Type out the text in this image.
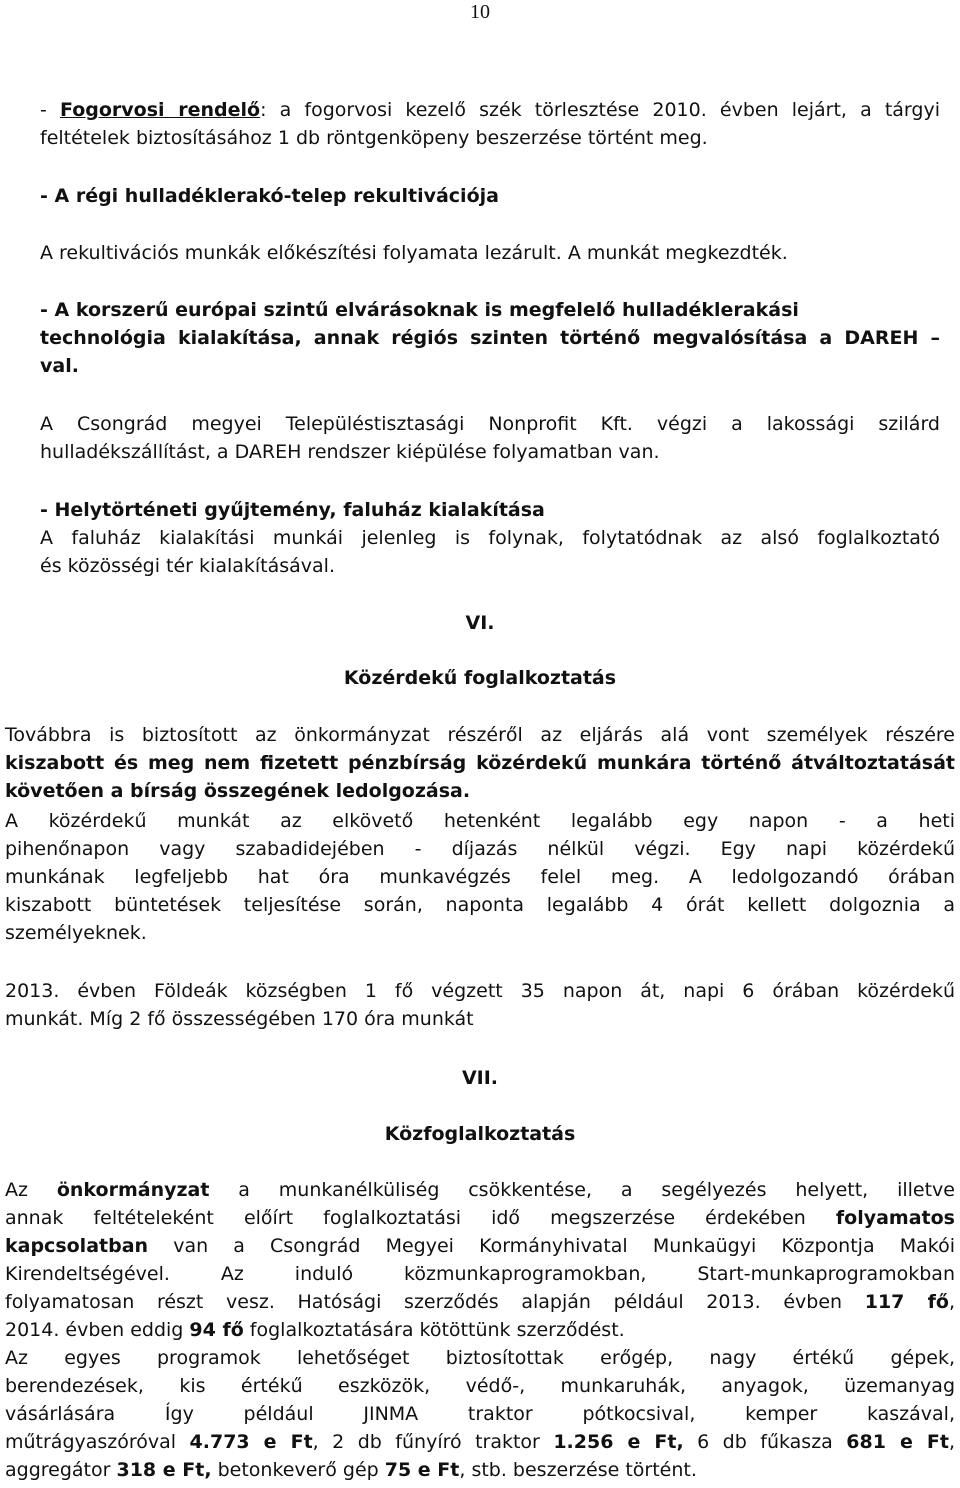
10

- Fogorvosi rendelő: a fogorvosi kezelő szék törlesztése 2010. évben lejárt, a tárgyi

feltételek biztosításához 1 db röntgenköpeny beszerzése történt meg.

- A régi hulladéklerakó-telep rekultivációja
A rekultivációs munkák előkészítési folyamata lezárult. A munkát megkezdték.

- A korszerű európai szintű elvárásoknak is megfelelő hulladéklerakási

technológia kialakítása, annak régiós szinten történő megvalósítása a DAREH –

val.

A Csongrád megyei Településtisztasági Nonprofit Kft. végzi a lakossági szilárd

hulladékszállítást, a DAREH rendszer kiépülése folyamatban van.

- Helytörténeti gyűjtemény, faluház kialakítása

A faluház kialakítási munkái jelenleg is folynak, folytatódnak az alsó foglalkoztató

és közösségi tér kialakításával.

VI.
Közérdekű foglalkoztatás

Továbbra is biztosított az önkormányzat részéről az eljárás alá vont személyek részére

kiszabott és meg nem fizetett pénzbírság közérdekű munkára történő átváltoztatását

követően a bírság összegének ledolgozása.

A közérdekű munkát az elkövető hetenként legalább egy napon - a heti

pihenőnapon vagy szabadidejében - díjazás nélkül végzi. Egy napi közérdekű

munkának legfeljebb hat óra munkavégzés felel meg. A ledolgozandó órában

kiszabott büntetések teljesítése során, naponta legalább 4 órát kellett dolgoznia a

személyeknek.

2013. évben Földeák községben 1 fő végzett 35 napon át, napi 6 órában közérdekű

munkát. Míg 2 fő összességében 170 óra munkát

VII.
Közfoglalkoztatás

Az önkormányzat a munkanélküliség csökkentése, a segélyezés helyett, illetve

annak feltételeként előírt foglalkoztatási idő megszerzése érdekében folyamatos

kapcsolatban van a Csongrád Megyei Kormányhivatal Munkaügyi Központja Makói

Kirendeltségével. Az induló közmunkaprogramokban, Start-munkaprogramokban

folyamatosan részt vesz. Hatósági szerződés alapján például 2013. évben 117 fő,

2014. évben eddig 94 fő foglalkoztatására kötöttünk szerződést.

Az egyes programok lehetőséget biztosítottak erőgép, nagy értékű gépek,

berendezések, kis értékű eszközök, védő-, munkaruhák, anyagok, üzemanyag

vásárlására Így például JINMA traktor pótkocsival, kemper kaszával,

műtrágyaszóróval 4.773 e Ft, 2 db fűnyíró traktor 1.256 e Ft, 6 db fűkasza 681 e Ft,

aggregátor 318 e Ft, betonkeverő gép 75 e Ft, stb. beszerzése történt.
